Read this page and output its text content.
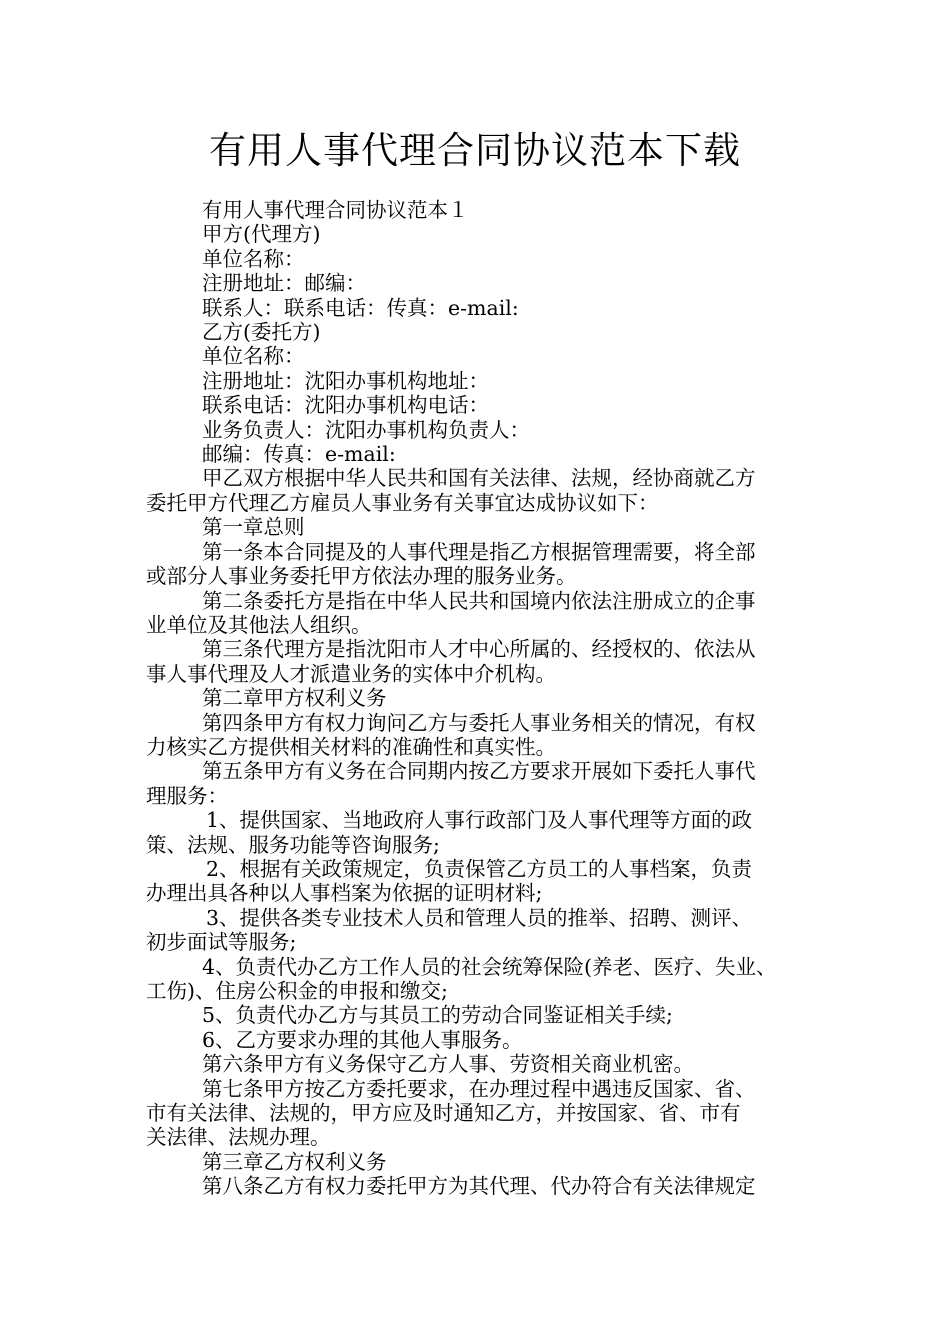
有用人事代理合同协议范本下载

有用人事代理合同协议范本１

甲方(代理方)

单位名称：

注册地址：邮编：

联系人：联系电话：传真：e-mail:

乙方(委托方)

单位名称：

注册地址：沈阳办事机构地址：

联系电话：沈阳办事机构电话：

业务负责人：沈阳办事机构负责人：

邮编：传真：e-mail:

甲乙双方根据中华人民共和国有关法律、法规，经协商就乙方

委托甲方代理乙方雇员人事业务有关事宜达成协议如下：

第一章总则

第一条本合同提及的人事代理是指乙方根据管理需要，将全部

或部分人事业务委托甲方依法办理的服务业务。

第二条委托方是指在中华人民共和国境内依法注册成立的企事

业单位及其他法人组织。

第三条代理方是指沈阳市人才中心所属的、经授权的、依法从

事人事代理及人才派遣业务的实体中介机构。

第二章甲方权利义务

第四条甲方有权力询问乙方与委托人事业务相关的情况，有权

力核实乙方提供相关材料的准确性和真实性。

第五条甲方有义务在合同期内按乙方要求开展如下委托人事代

理服务：

1、提供国家、当地政府人事行政部门及人事代理等方面的政

策、法规、服务功能等咨询服务;

2、根据有关政策规定，负责保管乙方员工的人事档案，负责

办理出具各种以人事档案为依据的证明材料;

3、提供各类专业技术人员和管理人员的推举、招聘、测评、

初步面试等服务;

4、负责代办乙方工作人员的社会统筹保险(养老、医疗、失业、

工伤)、住房公积金的申报和缴交;

5、负责代办乙方与其员工的劳动合同鉴证相关手续;

6、乙方要求办理的其他人事服务。

第六条甲方有义务保守乙方人事、劳资相关商业机密。

第七条甲方按乙方委托要求，在办理过程中遇违反国家、省、

市有关法律、法规的，甲方应及时通知乙方，并按国家、省、市有

关法律、法规办理。

第三章乙方权利义务

第八条乙方有权力委托甲方为其代理、代办符合有关法律规定
